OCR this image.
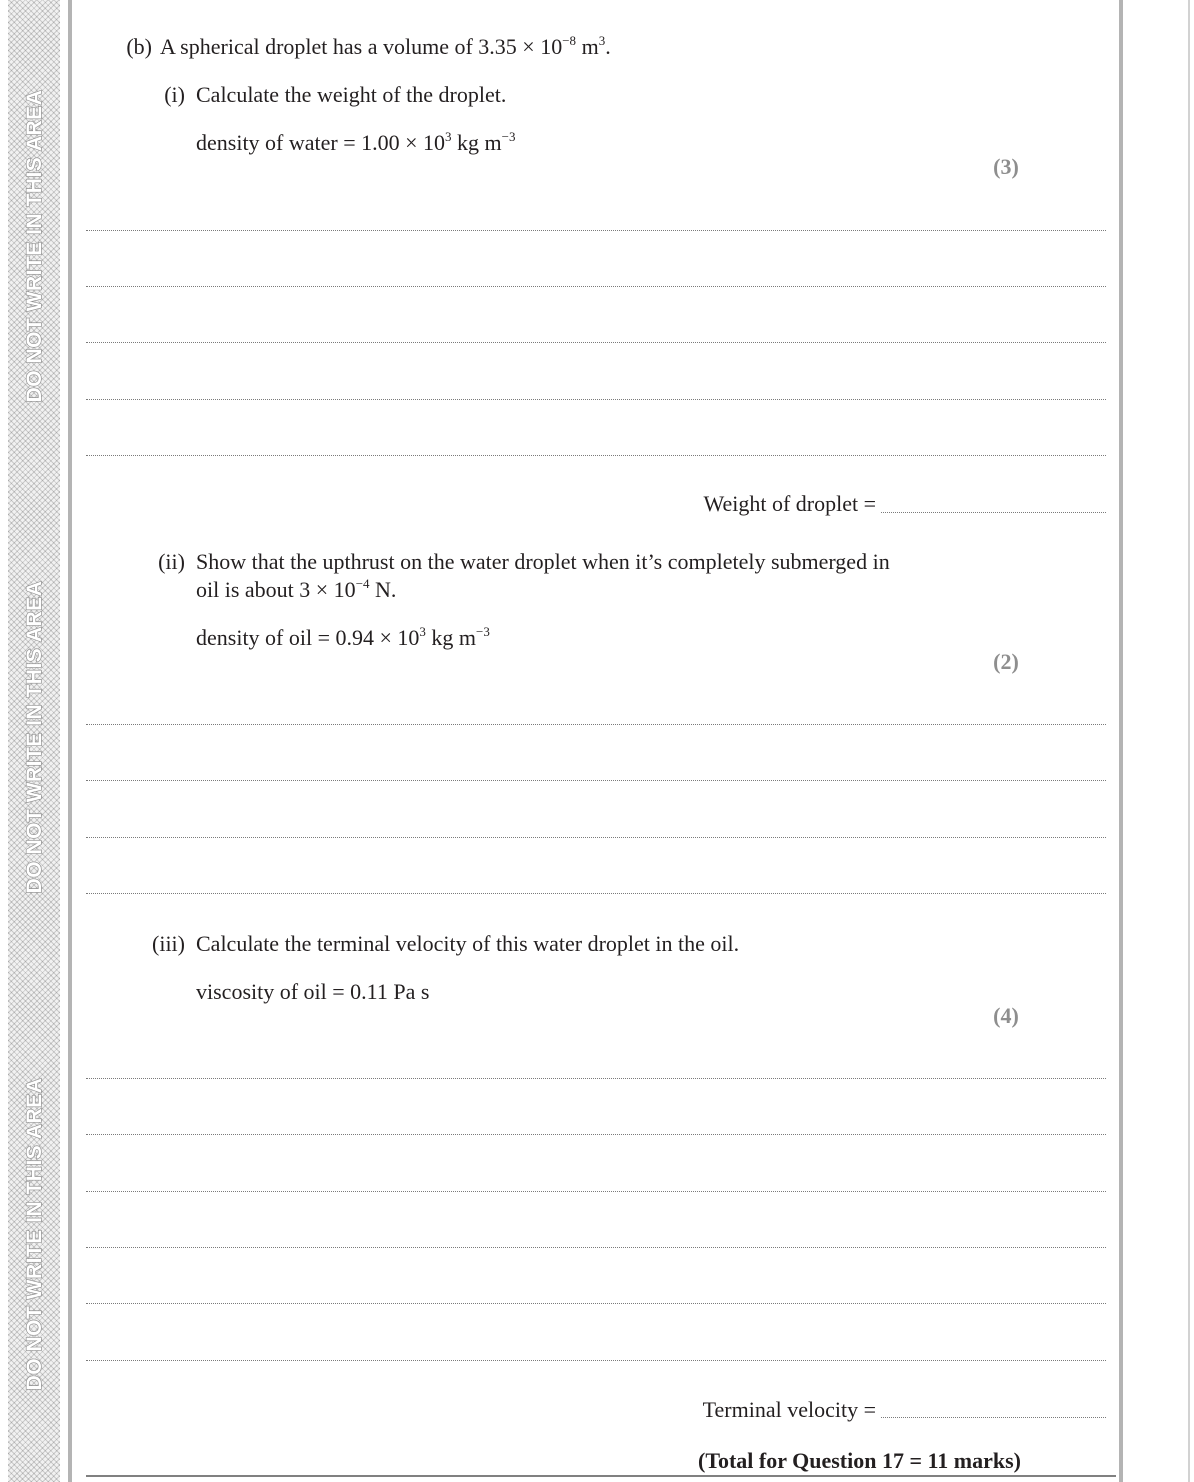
DO NOT WRITE IN THIS AREA
DO NOT WRITE IN THIS AREA
DO NOT WRITE IN THIS AREA
(b) A spherical droplet has a volume of $3.35 \times 10^{-8}$ $m^3$.
(i) Calculate the weight of the droplet.
density of water = $1.00 \times 10^3$ kg $m^{-3}$
(3)
Weight of droplet =
(ii) Show that the upthrust on the water droplet when it’s completely submerged in
oil is about $3 \times 10^{-4}$ N.
density of oil = $0.94 \times 10^3$ kg $m^{-3}$
(2)
(iii) Calculate the terminal velocity of this water droplet in the oil.
viscosity of oil = 0.11 Pa s
(4)
Terminal velocity =
(Total for Question 17 = 11 marks)
